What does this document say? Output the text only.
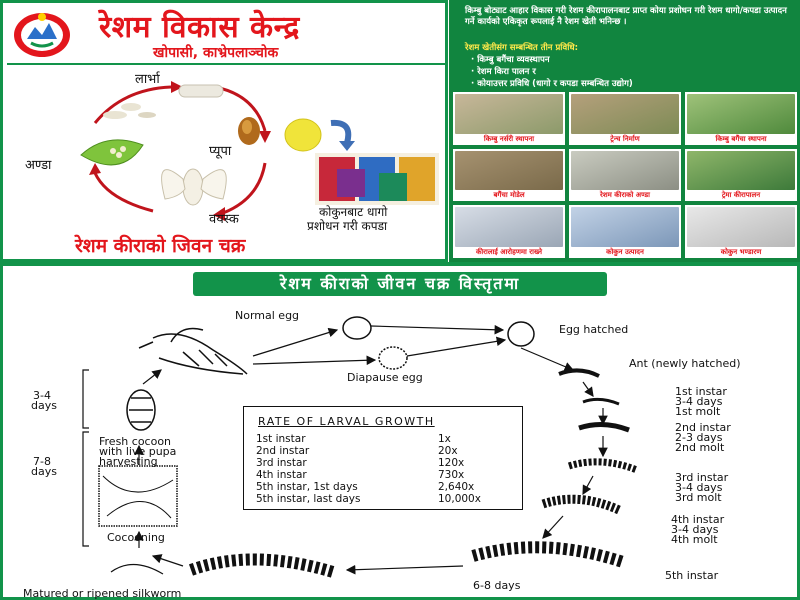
रेशम विकास केन्द्र
खोपासी, काभ्रेपलाञ्चोक
लार्भा
प्यूपा
अण्डा
वयस्क	कोकुनबाट धागो
प्रशोधन गरी कपडा
रेशम कीराको जिवन चक्र
किम्बु बोट्याट आहार विकास गरी रेशम कीरापालनबाट प्राप्त कोया प्रशोधन गरी रेशम धागो/कपडा उत्पादन गर्ने कार्यको एकिकृत रूपलाई नै रेशम खेती भनिन्छ ।
रेशम खेतीसंग सम्बन्धित तीन प्रविधि:
· किम्बु बगैंचा व्यवस्थापन
· रेशम किरा पालन र
· कोयाउत्तर प्रविधि (धागो र कपडा सम्बन्धित उद्योग)
किम्बु नर्सरी स्थापना	ट्रेन्च निर्माण	किम्बु बगैंचा स्थापना
बगैंचा मोडेल	रेशम कीराको अण्डा	ट्रेमा कीरापालन
कीरालाई आरोहणमा राख्ने	कोकुन उत्पादन	कोकुन भण्डारण
रेशम कीराको जीवन चक्र विस्तृतमा
Normal egg
Diapause egg
Egg hatched
Ant (newly hatched)
1st instar
3-4 days
1st molt
2nd instar
2-3 days
2nd molt
3rd instar
3-4 days
3rd molt
4th instar
3-4 days
4th molt
5th instar
6-8 days
Matured or ripened silkworm
Cocooning
Fresh cocoon
with live pupa
harvesting
3-4
days
7-8
days
RATE OF LARVAL GROWTH
1st instar	1x
2nd instar	20x
3rd instar	120x
4th instar	730x
5th instar, 1st days	2,640x
5th instar, last days	10,000x
